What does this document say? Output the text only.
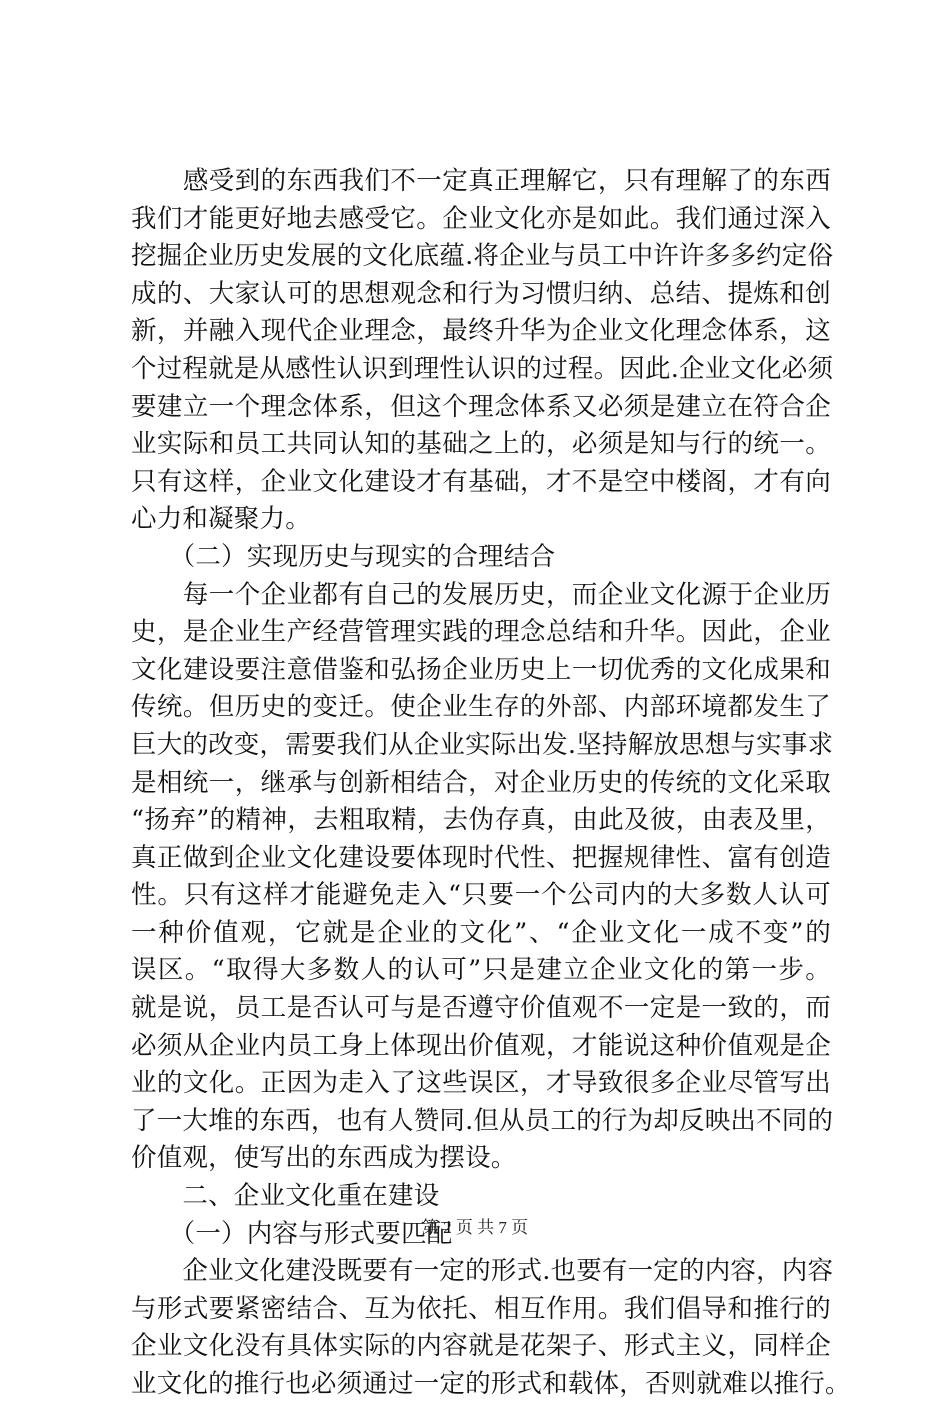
　　感受到的东西我们不一定真正理解它，只有理解了的东西
我们才能更好地去感受它。企业文化亦是如此。我们通过深入
挖掘企业历史发展的文化底蕴.将企业与员工中许许多多约定俗
成的、大家认可的思想观念和行为习惯归纳、总结、提炼和创
新，并融入现代企业理念，最终升华为企业文化理念体系，这
个过程就是从感性认识到理性认识的过程。因此.企业文化必须
要建立一个理念体系，但这个理念体系又必须是建立在符合企
业实际和员工共同认知的基础之上的，必须是知与行的统一。
只有这样，企业文化建设才有基础，才不是空中楼阁，才有向
心力和凝聚力。
　　（二）实现历史与现实的合理结合
　　每一个企业都有自己的发展历史，而企业文化源于企业历
史，是企业生产经营管理实践的理念总结和升华。因此，企业
文化建设要注意借鉴和弘扬企业历史上一切优秀的文化成果和
传统。但历史的变迁。使企业生存的外部、内部环境都发生了
巨大的改变，需要我们从企业实际出发.坚持解放思想与实事求
是相统一，继承与创新相结合，对企业历史的传统的文化采取
“扬弃”的精神，去粗取精，去伪存真，由此及彼，由表及里，
真正做到企业文化建设要体现时代性、把握规律性、富有创造
性。只有这样才能避免走入“只要一个公司内的大多数人认可
一种价值观，它就是企业的文化”、“企业文化一成不变”的
误区。“取得大多数人的认可”只是建立企业文化的第一步。
就是说，员工是否认可与是否遵守价值观不一定是一致的，而
必须从企业内员工身上体现出价值观，才能说这种价值观是企
业的文化。正因为走入了这些误区，才导致很多企业尽管写出
了一大堆的东西，也有人赞同.但从员工的行为却反映出不同的
价值观，使写出的东西成为摆设。
　　二、企业文化重在建设
　　（一）内容与形式要匹配
　　企业文化建没既要有一定的形式.也要有一定的内容，内容
与形式要紧密结合、互为依托、相互作用。我们倡导和推行的
企业文化没有具体实际的内容就是花架子、形式主义，同样企
业文化的推行也必须通过一定的形式和载体，否则就难以推行。
第 2 页 共 7 页
